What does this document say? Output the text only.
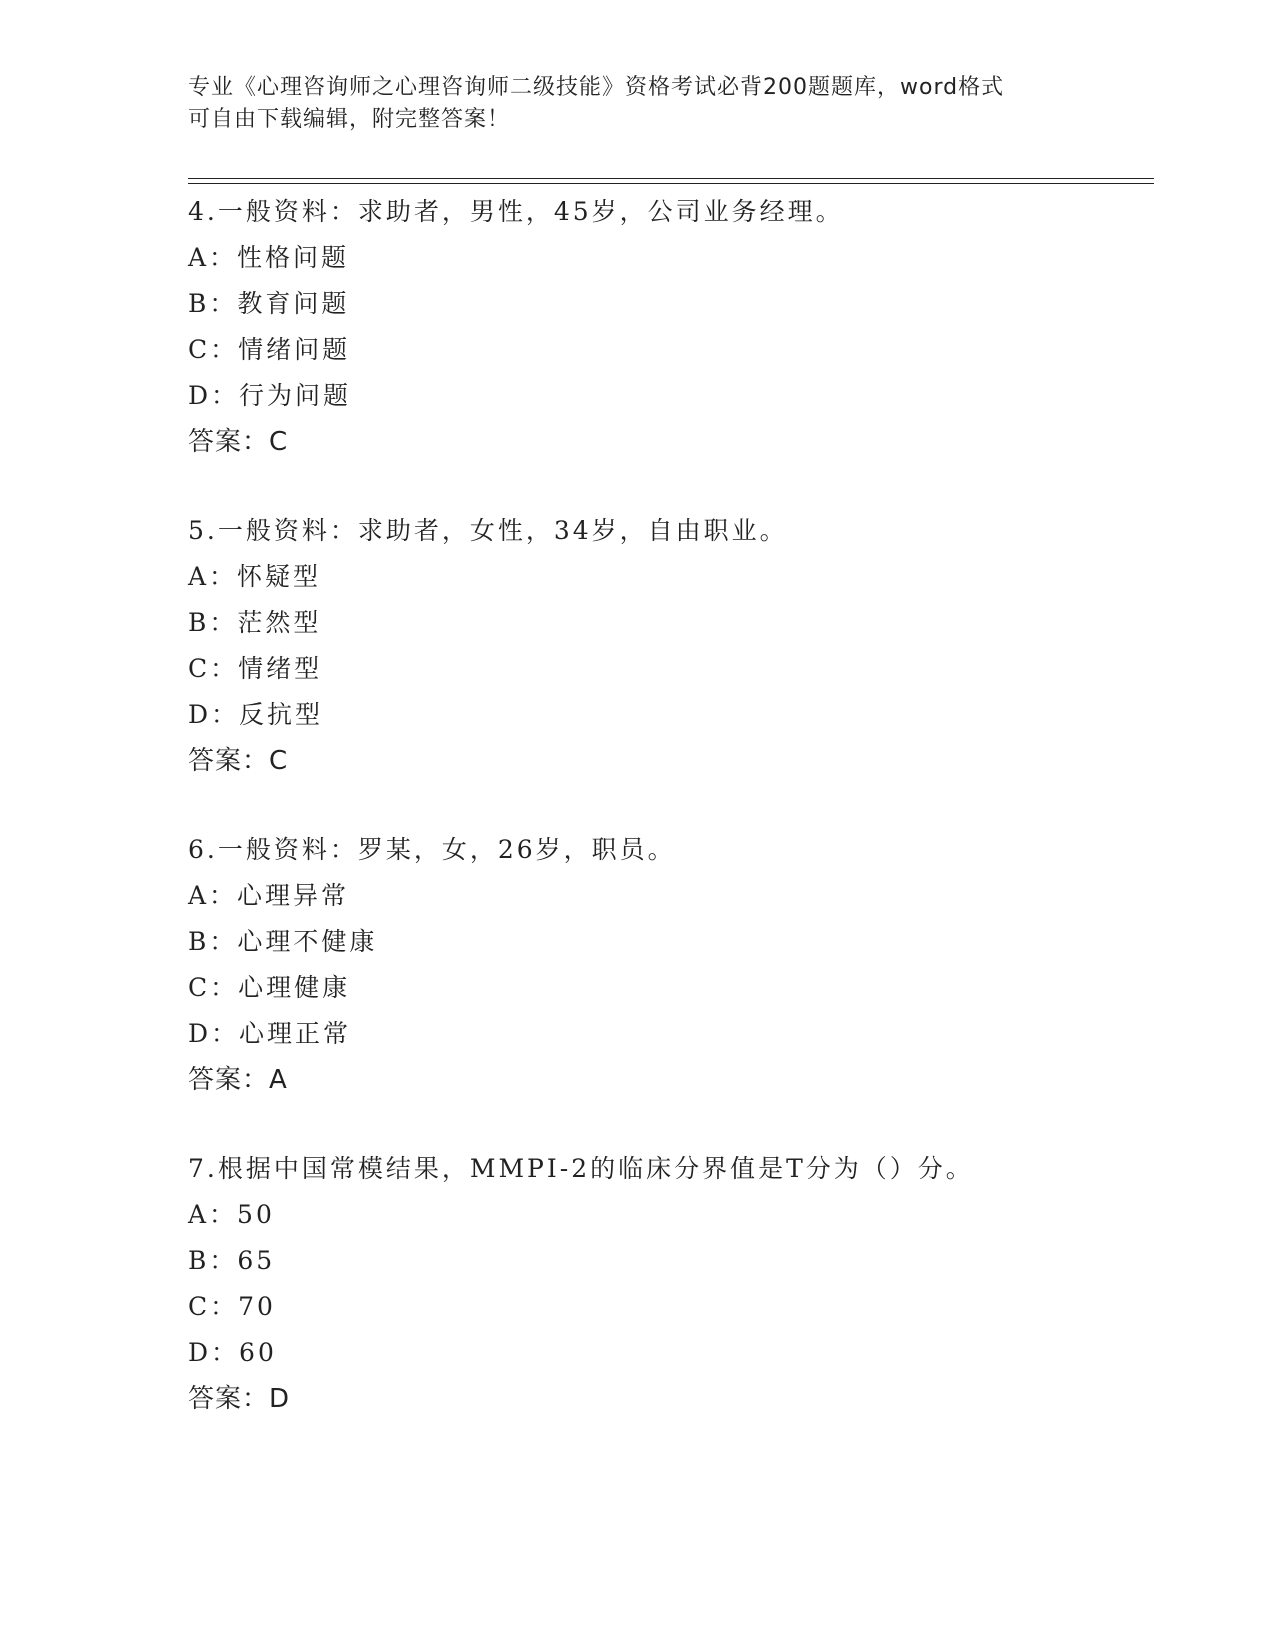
专业《心理咨询师之心理咨询师二级技能》资格考试必背200题题库，word格式
可自由下载编辑，附完整答案！
4.一般资料：求助者，男性，45岁，公司业务经理。
A：性格问题
B：教育问题
C：情绪问题
D：行为问题
答案：C
5.一般资料：求助者，女性，34岁，自由职业。
A：怀疑型
B：茫然型
C：情绪型
D：反抗型
答案：C
6.一般资料：罗某，女，26岁，职员。
A：心理异常
B：心理不健康
C：心理健康
D：心理正常
答案：A
7.根据中国常模结果，MMPI-2的临床分界值是T分为（）分。
A：50
B：65
C：70
D：60
答案：D
